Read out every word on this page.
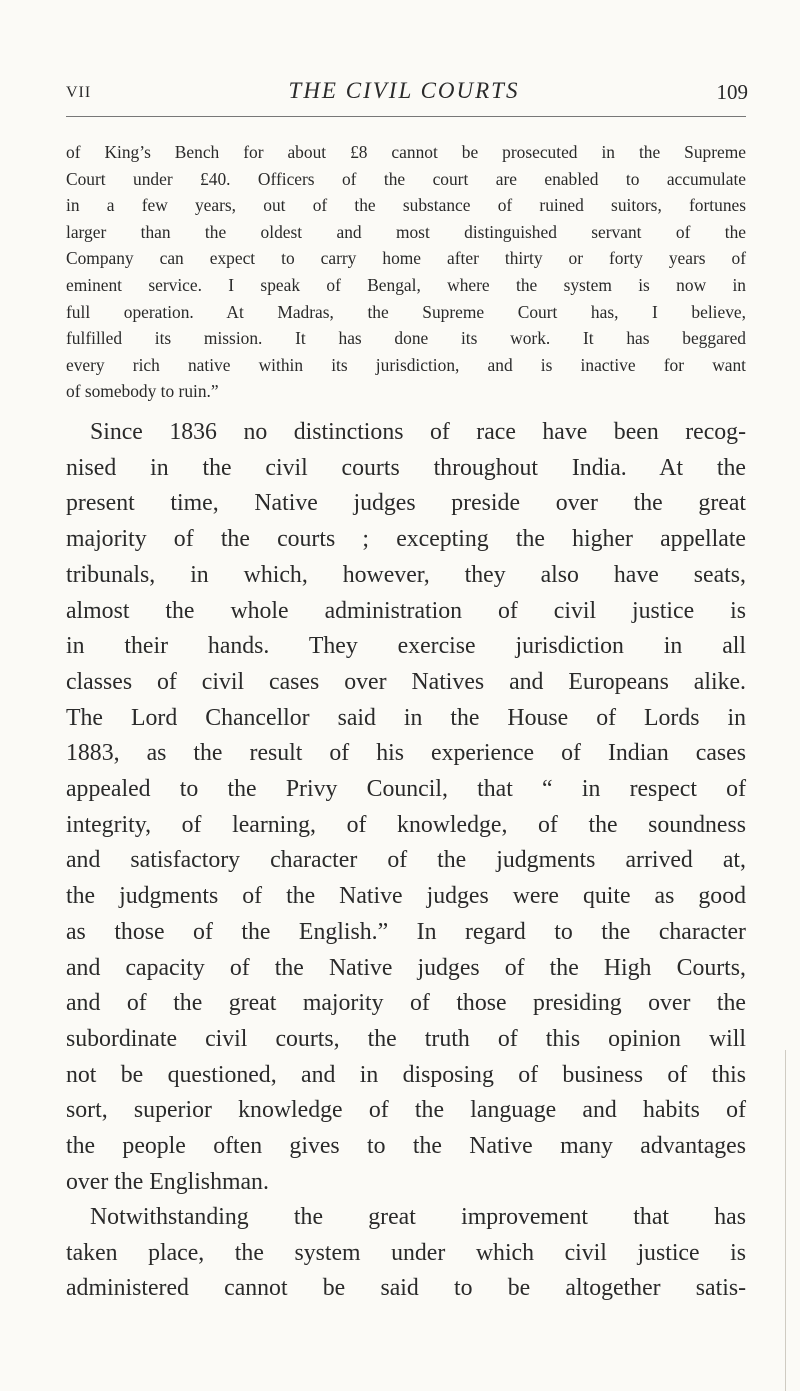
VII	THE CIVIL COURTS	109
of King’s Bench for about £8 cannot be prosecuted in the Supreme
Court under £40. Officers of the court are enabled to accumulate
in a few years, out of the substance of ruined suitors, fortunes
larger than the oldest and most distinguished servant of the
Company can expect to carry home after thirty or forty years of
eminent service. I speak of Bengal, where the system is now in
full operation. At Madras, the Supreme Court has, I believe,
fulfilled its mission. It has done its work. It has beggared
every rich native within its jurisdiction, and is inactive for want
of somebody to ruin.”
Since 1836 no distinctions of race have been recog-
nised in the civil courts throughout India. At the
present time, Native judges preside over the great
majority of the courts ; excepting the higher appellate
tribunals, in which, however, they also have seats,
almost the whole administration of civil justice is
in their hands. They exercise jurisdiction in all
classes of civil cases over Natives and Europeans alike.
The Lord Chancellor said in the House of Lords in
1883, as the result of his experience of Indian cases
appealed to the Privy Council, that “ in respect of
integrity, of learning, of knowledge, of the soundness
and satisfactory character of the judgments arrived at,
the judgments of the Native judges were quite as good
as those of the English.” In regard to the character
and capacity of the Native judges of the High Courts,
and of the great majority of those presiding over the
subordinate civil courts, the truth of this opinion will
not be questioned, and in disposing of business of this
sort, superior knowledge of the language and habits of
the people often gives to the Native many advantages
over the Englishman.
Notwithstanding the great improvement that has
taken place, the system under which civil justice is
administered cannot be said to be altogether satis-
